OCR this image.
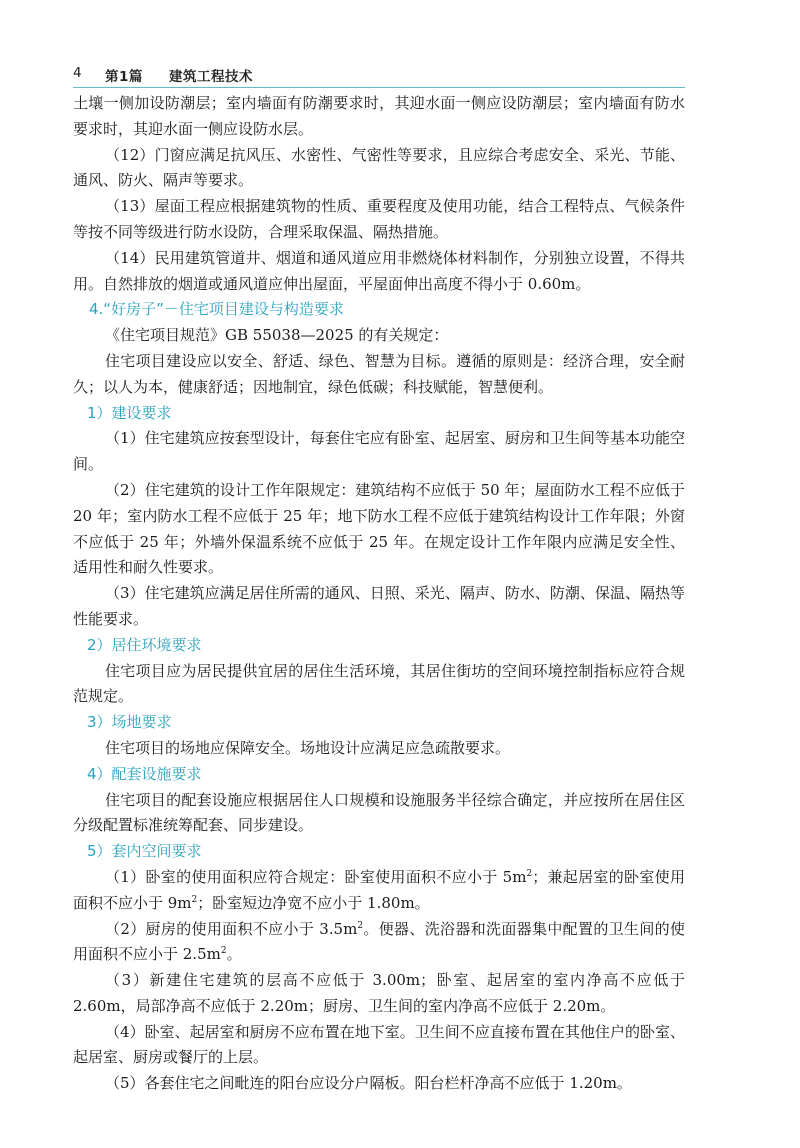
4 第1篇 建筑工程技术

土壤一侧加设防潮层；室内墙面有防潮要求时，其迎水面一侧应设防潮层；室内墙面有防水要求时，其迎水面一侧应设防水层。

（12）门窗应满足抗风压、水密性、气密性等要求，且应综合考虑安全、采光、节能、通风、防火、隔声等要求。

（13）屋面工程应根据建筑物的性质、重要程度及使用功能，结合工程特点、气候条件等按不同等级进行防水设防，合理采取保温、隔热措施。

（14）民用建筑管道井、烟道和通风道应用非燃烧体材料制作，分别独立设置，不得共用。自然排放的烟道或通风道应伸出屋面，平屋面伸出高度不得小于 0.60m。

4.“好房子”－住宅项目建设与构造要求

《住宅项目规范》GB 55038—2025 的有关规定：

住宅项目建设应以安全、舒适、绿色、智慧为目标。遵循的原则是：经济合理，安全耐久；以人为本，健康舒适；因地制宜，绿色低碳；科技赋能，智慧便利。

1）建设要求

（1）住宅建筑应按套型设计，每套住宅应有卧室、起居室、厨房和卫生间等基本功能空间。

（2）住宅建筑的设计工作年限规定：建筑结构不应低于 50 年；屋面防水工程不应低于 20 年；室内防水工程不应低于 25 年；地下防水工程不应低于建筑结构设计工作年限；外窗不应低于 25 年；外墙外保温系统不应低于 25 年。在规定设计工作年限内应满足安全性、适用性和耐久性要求。

（3）住宅建筑应满足居住所需的通风、日照、采光、隔声、防水、防潮、保温、隔热等性能要求。

2）居住环境要求

住宅项目应为居民提供宜居的居住生活环境，其居住街坊的空间环境控制指标应符合规范规定。

3）场地要求

住宅项目的场地应保障安全。场地设计应满足应急疏散要求。

4）配套设施要求

住宅项目的配套设施应根据居住人口规模和设施服务半径综合确定，并应按所在居住区分级配置标准统筹配套、同步建设。

5）套内空间要求

（1）卧室的使用面积应符合规定：卧室使用面积不应小于 $5m^2$；兼起居室的卧室使用面积不应小于 $9m^2$；卧室短边净宽不应小于 1.80m。

（2）厨房的使用面积不应小于 $3.5m^2$。便器、洗浴器和洗面器集中配置的卫生间的使用面积不应小于 $2.5m^2$。

（3）新建住宅建筑的层高不应低于 3.00m；卧室、起居室的室内净高不应低于 2.60m，局部净高不应低于 2.20m；厨房、卫生间的室内净高不应低于 2.20m。

（4）卧室、起居室和厨房不应布置在地下室。卫生间不应直接布置在其他住户的卧室、起居室、厨房或餐厅的上层。

（5）各套住宅之间毗连的阳台应设分户隔板。阳台栏杆净高不应低于 1.20m。
